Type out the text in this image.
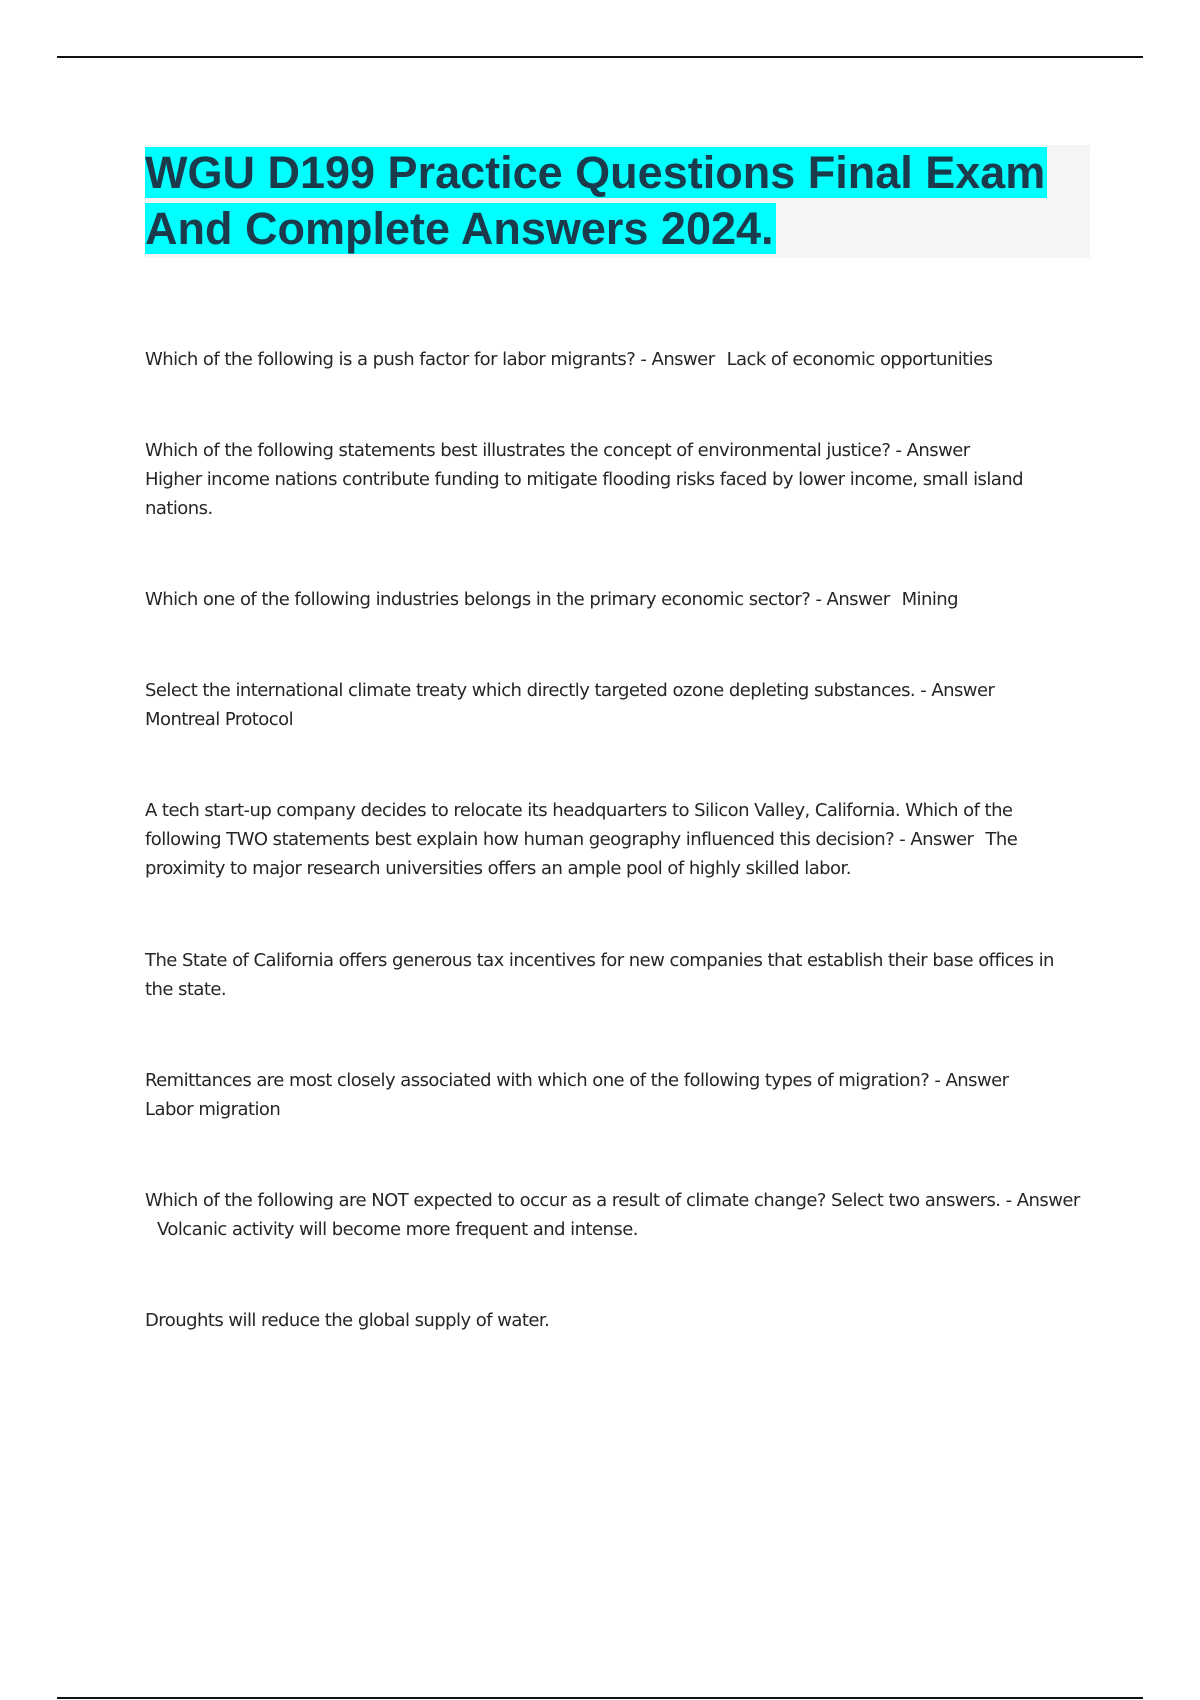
WGU D199 Practice Questions Final Exam And Complete Answers 2024.

Which of the following is a push factor for labor migrants? - Answer Lack of economic opportunities

Which of the following statements best illustrates the concept of environmental justice? - Answer
Higher income nations contribute funding to mitigate flooding risks faced by lower income, small island nations.

Which one of the following industries belongs in the primary economic sector? - Answer Mining

Select the international climate treaty which directly targeted ozone depleting substances. - Answer
Montreal Protocol

A tech start-up company decides to relocate its headquarters to Silicon Valley, California. Which of the following TWO statements best explain how human geography influenced this decision? - Answer The proximity to major research universities offers an ample pool of highly skilled labor.

The State of California offers generous tax incentives for new companies that establish their base offices in the state.

Remittances are most closely associated with which one of the following types of migration? - Answer
Labor migration

Which of the following are NOT expected to occur as a result of climate change? Select two answers. - AnswerVolcanic activity will become more frequent and intense.

Droughts will reduce the global supply of water.
